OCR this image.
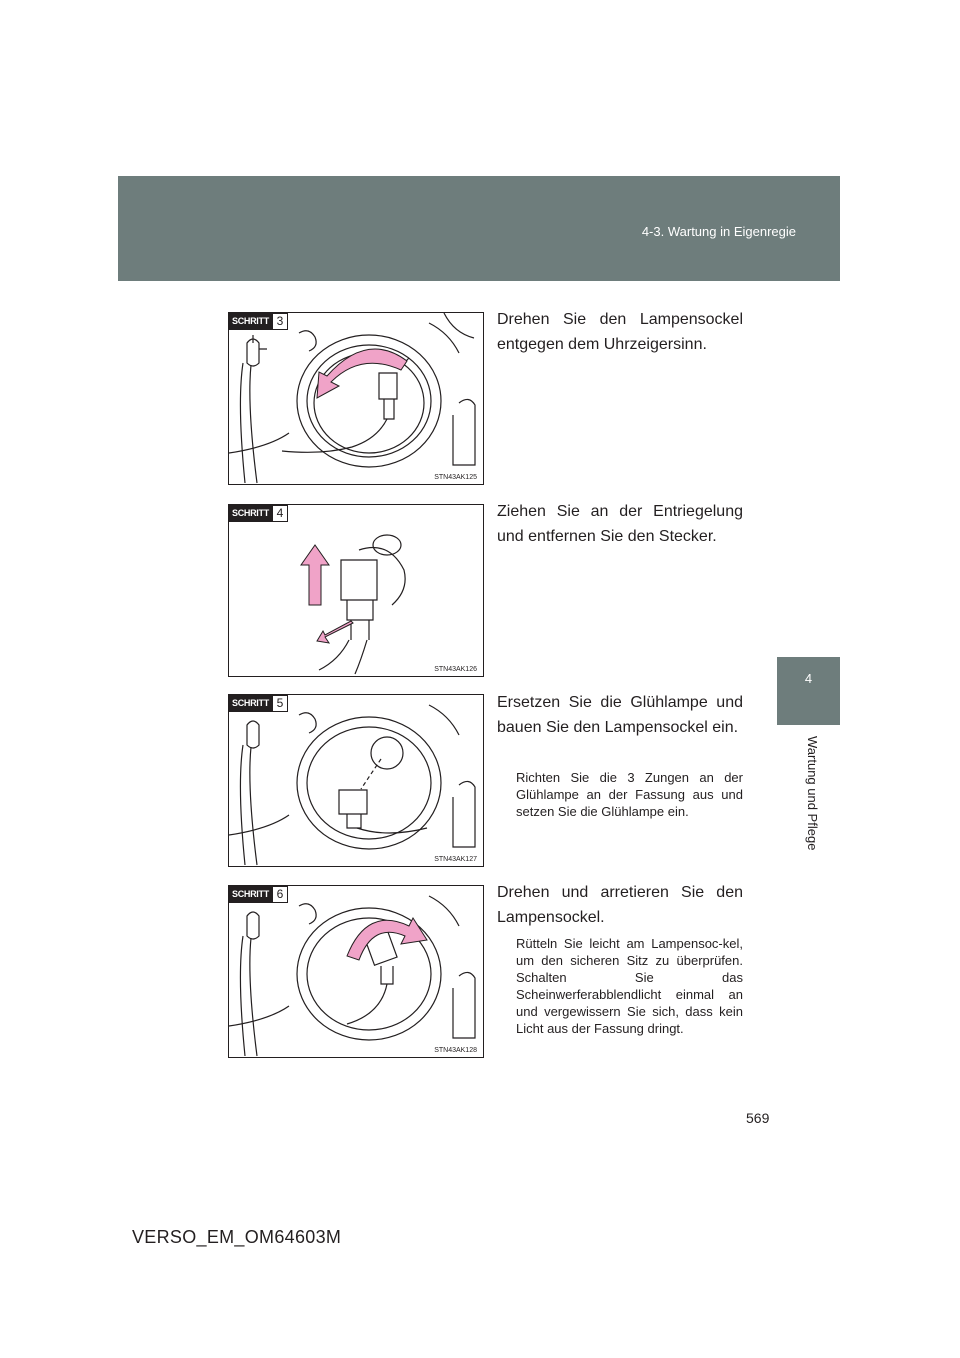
4-3. Wartung in Eigenregie
4
Wartung und Pflege
SCHRITT 3
STN43AK125

Drehen Sie den Lampensockel entgegen dem Uhrzeigersinn.

SCHRITT 4
STN43AK126

Ziehen Sie an der Entriegelung und entfernen Sie den Stecker.

SCHRITT 5
STN43AK127

Ersetzen Sie die Glühlampe und bauen Sie den Lampensockel ein.

Richten Sie die 3 Zungen an der Glühlampe an der Fassung aus und setzen Sie die Glühlampe ein.

SCHRITT 6
STN43AK128

Drehen und arretieren Sie den Lampensockel.

Rütteln Sie leicht am Lampensoc-kel, um den sicheren Sitz zu überprüfen. Schalten Sie das Scheinwerferabblendlicht einmal an und vergewissern Sie sich, dass kein Licht aus der Fassung dringt.

569
VERSO_EM_OM64603M
